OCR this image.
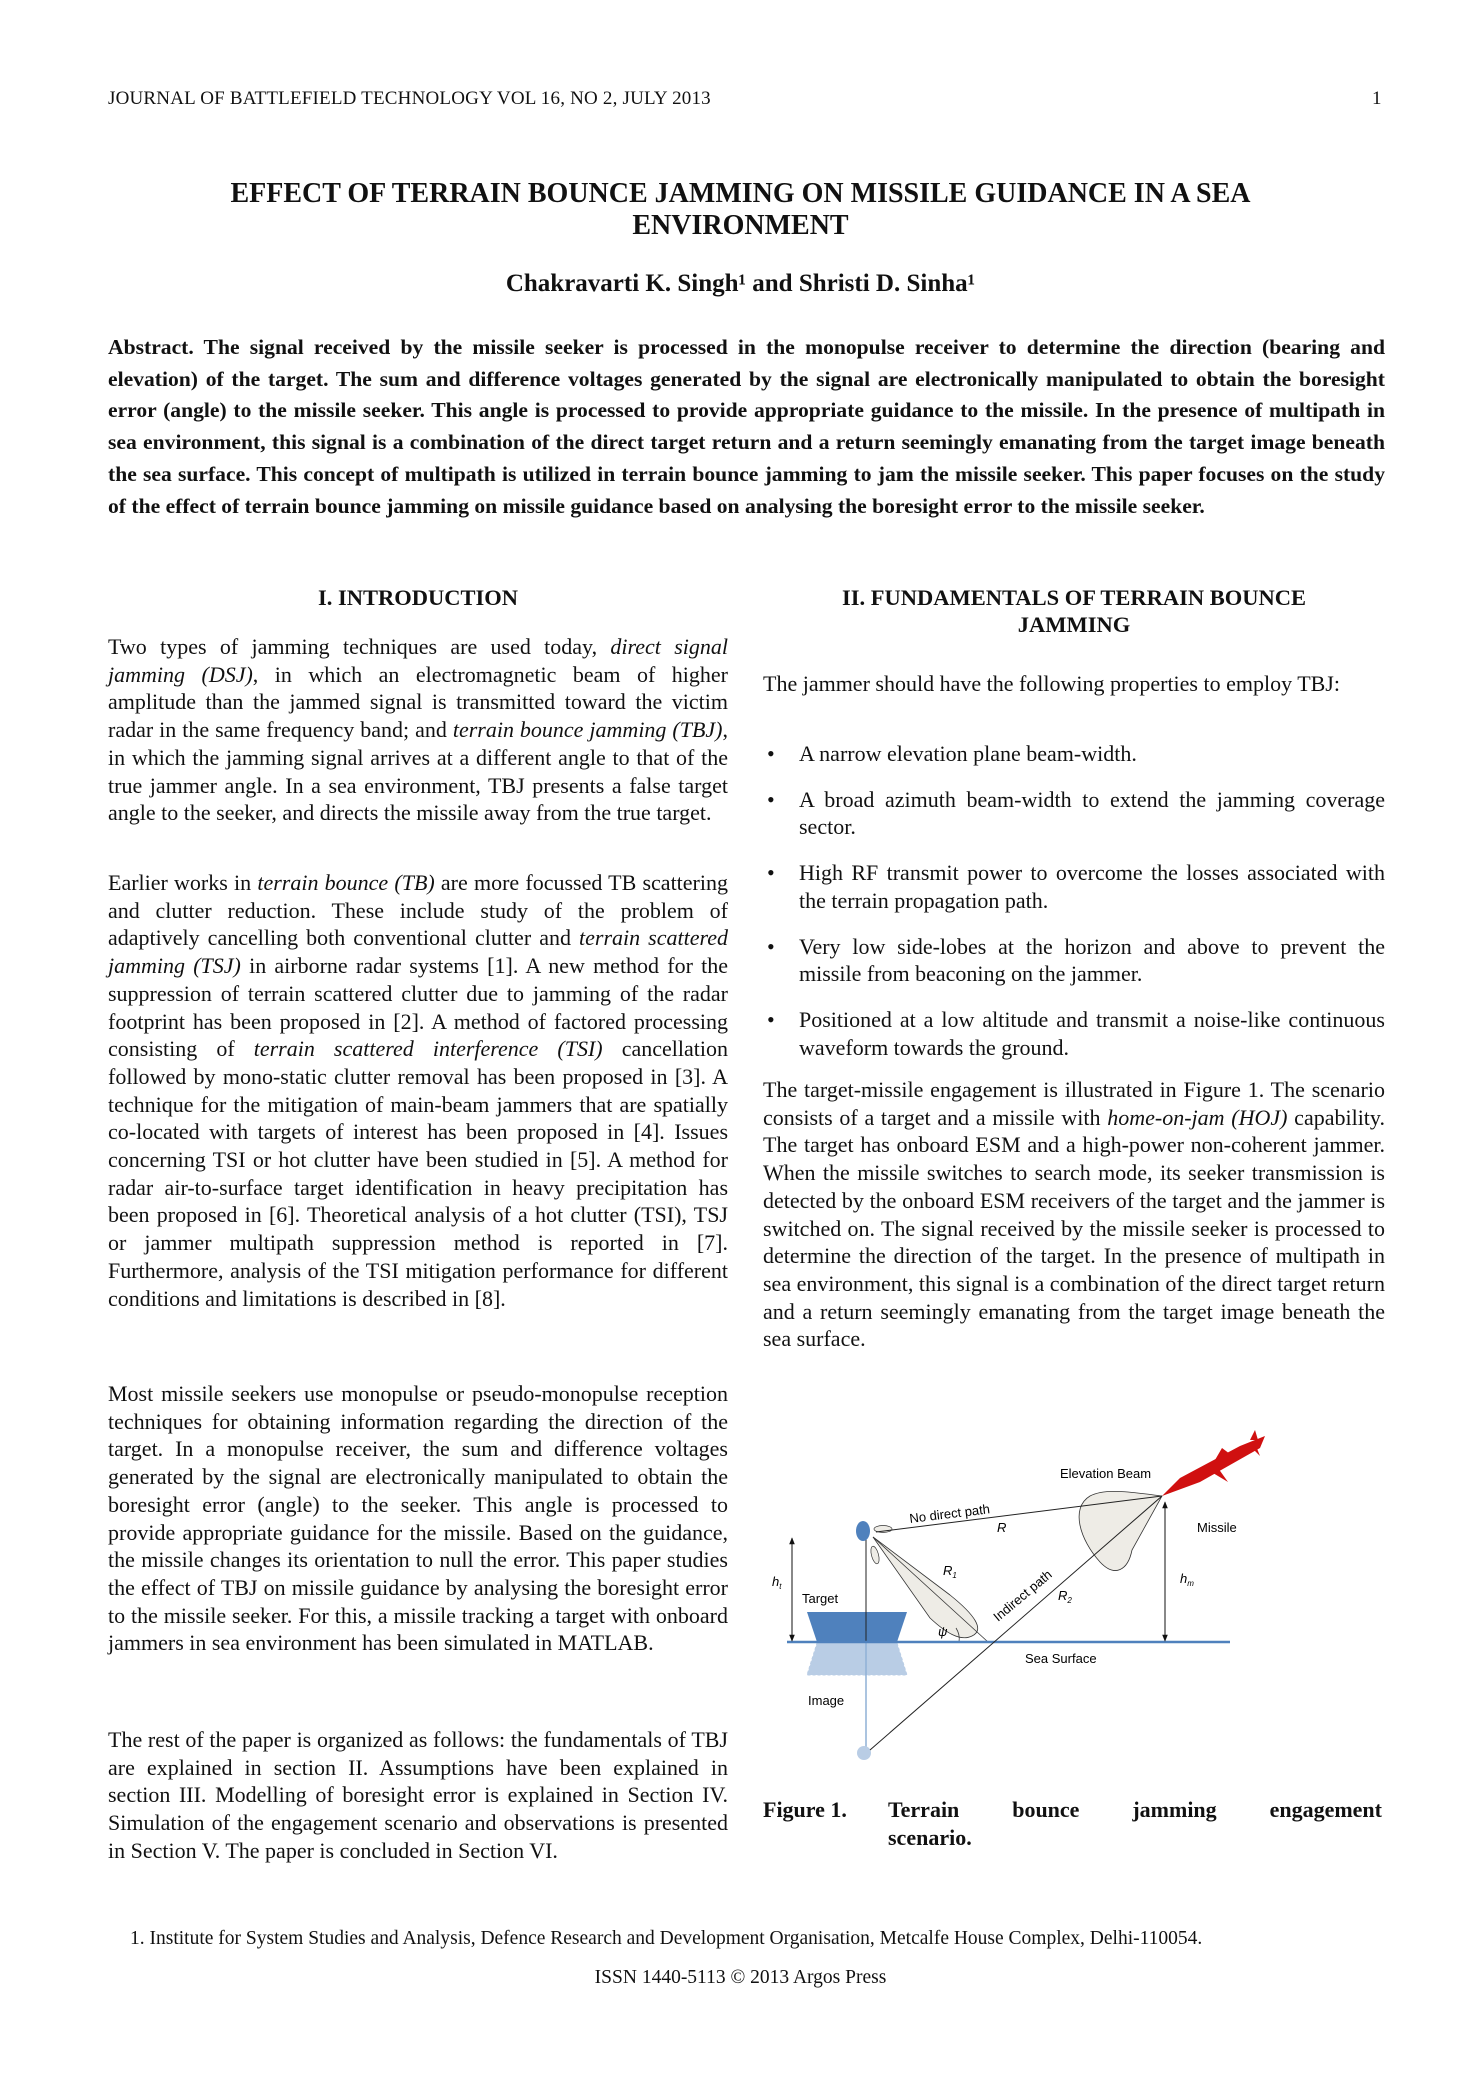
JOURNAL OF BATTLEFIELD TECHNOLOGY VOL 16, NO 2, JULY 2013	1
EFFECT OF TERRAIN BOUNCE JAMMING ON MISSILE GUIDANCE IN A SEA ENVIRONMENT
Chakravarti K. Singh¹ and Shristi D. Sinha¹
Abstract. The signal received by the missile seeker is processed in the monopulse receiver to determine the direction (bearing and elevation) of the target. The sum and difference voltages generated by the signal are electronically manipulated to obtain the boresight error (angle) to the missile seeker. This angle is processed to provide appropriate guidance to the missile. In the presence of multipath in sea environment, this signal is a combination of the direct target return and a return seemingly emanating from the target image beneath the sea surface. This concept of multipath is utilized in terrain bounce jamming to jam the missile seeker. This paper focuses on the study of the effect of terrain bounce jamming on missile guidance based on analysing the boresight error to the missile seeker.
I. INTRODUCTION
Two types of jamming techniques are used today, direct signal jamming (DSJ), in which an electromagnetic beam of higher amplitude than the jammed signal is transmitted toward the victim radar in the same frequency band; and terrain bounce jamming (TBJ), in which the jamming signal arrives at a different angle to that of the true jammer angle. In a sea environment, TBJ presents a false target angle to the seeker, and directs the missile away from the true target.
Earlier works in terrain bounce (TB) are more focussed TB scattering and clutter reduction. These include study of the problem of adaptively cancelling both conventional clutter and terrain scattered jamming (TSJ) in airborne radar systems [1]. A new method for the suppression of terrain scattered clutter due to jamming of the radar footprint has been proposed in [2]. A method of factored processing consisting of terrain scattered interference (TSI) cancellation followed by mono-static clutter removal has been proposed in [3]. A technique for the mitigation of main-beam jammers that are spatially co-located with targets of interest has been proposed in [4]. Issues concerning TSI or hot clutter have been studied in [5]. A method for radar air-to-surface target identification in heavy precipitation has been proposed in [6]. Theoretical analysis of a hot clutter (TSI), TSJ or jammer multipath suppression method is reported in [7]. Furthermore, analysis of the TSI mitigation performance for different conditions and limitations is described in [8].
Most missile seekers use monopulse or pseudo-monopulse reception techniques for obtaining information regarding the direction of the target. In a monopulse receiver, the sum and difference voltages generated by the signal are electronically manipulated to obtain the boresight error (angle) to the seeker. This angle is processed to provide appropriate guidance for the missile. Based on the guidance, the missile changes its orientation to null the error. This paper studies the effect of TBJ on missile guidance by analysing the boresight error to the missile seeker. For this, a missile tracking a target with onboard jammers in sea environment has been simulated in MATLAB.
The rest of the paper is organized as follows: the fundamentals of TBJ are explained in section II. Assumptions have been explained in section III. Modelling of boresight error is explained in Section IV. Simulation of the engagement scenario and observations is presented in Section V. The paper is concluded in Section VI.
II. FUNDAMENTALS OF TERRAIN BOUNCE JAMMING
The jammer should have the following properties to employ TBJ:
• A narrow elevation plane beam-width.
• A broad azimuth beam-width to extend the jamming coverage sector.
• High RF transmit power to overcome the losses associated with the terrain propagation path.
• Very low side-lobes at the horizon and above to prevent the missile from beaconing on the jammer.
• Positioned at a low altitude and transmit a noise-like continuous waveform towards the ground.
The target-missile engagement is illustrated in Figure 1. The scenario consists of a target and a missile with home-on-jam (HOJ) capability. The target has onboard ESM and a high-power non-coherent jammer. When the missile switches to search mode, its seeker transmission is detected by the onboard ESM receivers of the target and the jammer is switched on. The signal received by the missile seeker is processed to determine the direction of the target. In the presence of multipath in sea environment, this signal is a combination of the direct target return and a return seemingly emanating from the target image beneath the sea surface.
Elevation Beam
No direct path
R	Missile
$R_1$
$h_t$
Target	Indirect path $R_2$
$h_m$
ψ
Sea Surface
Image
Figure 1. Terrain bounce jamming engagement
scenario.
1. Institute for System Studies and Analysis, Defence Research and Development Organisation, Metcalfe House Complex, Delhi-110054.
ISSN 1440-5113 © 2013 Argos Press
